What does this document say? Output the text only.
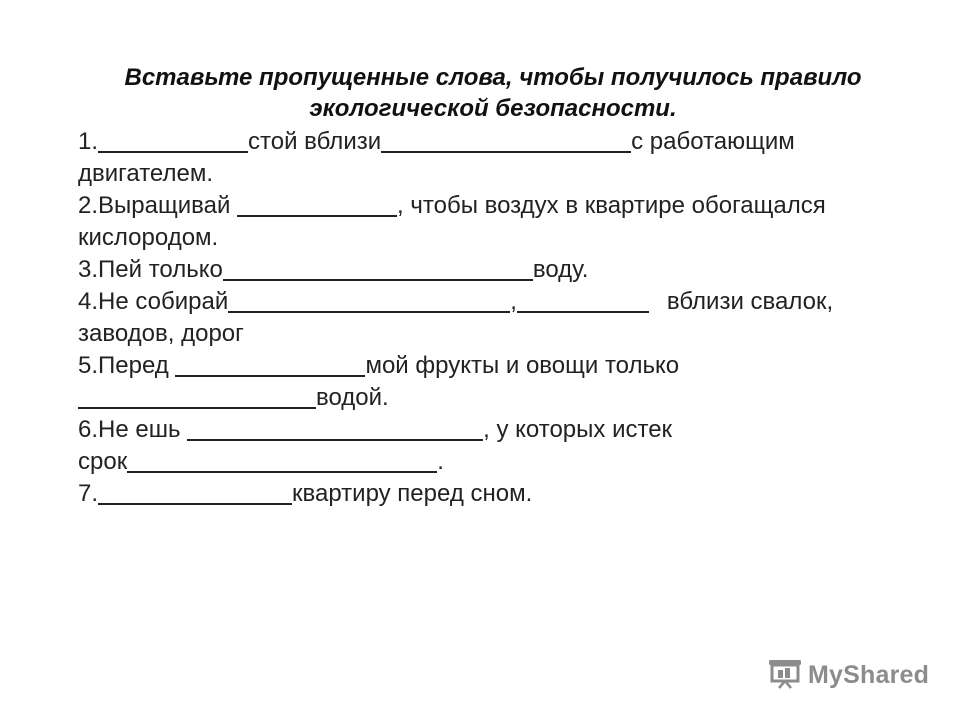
Вставьте пропущенные слова, чтобы получилось правило экологической безопасности.

1.	стой вблизи	с работающим
двигателем.

2.Выращивай	, чтобы воздух в квартире обогащался
кислородом.

3.Пей только	воду.

4.Не собирай	,	вблизи свалок,
заводов, дорог

5.Перед	мой фрукты и овощи только
водой.

6.Не ешь	, у которых истек
срок	.

7.	квартиру перед сном.

MyShared
